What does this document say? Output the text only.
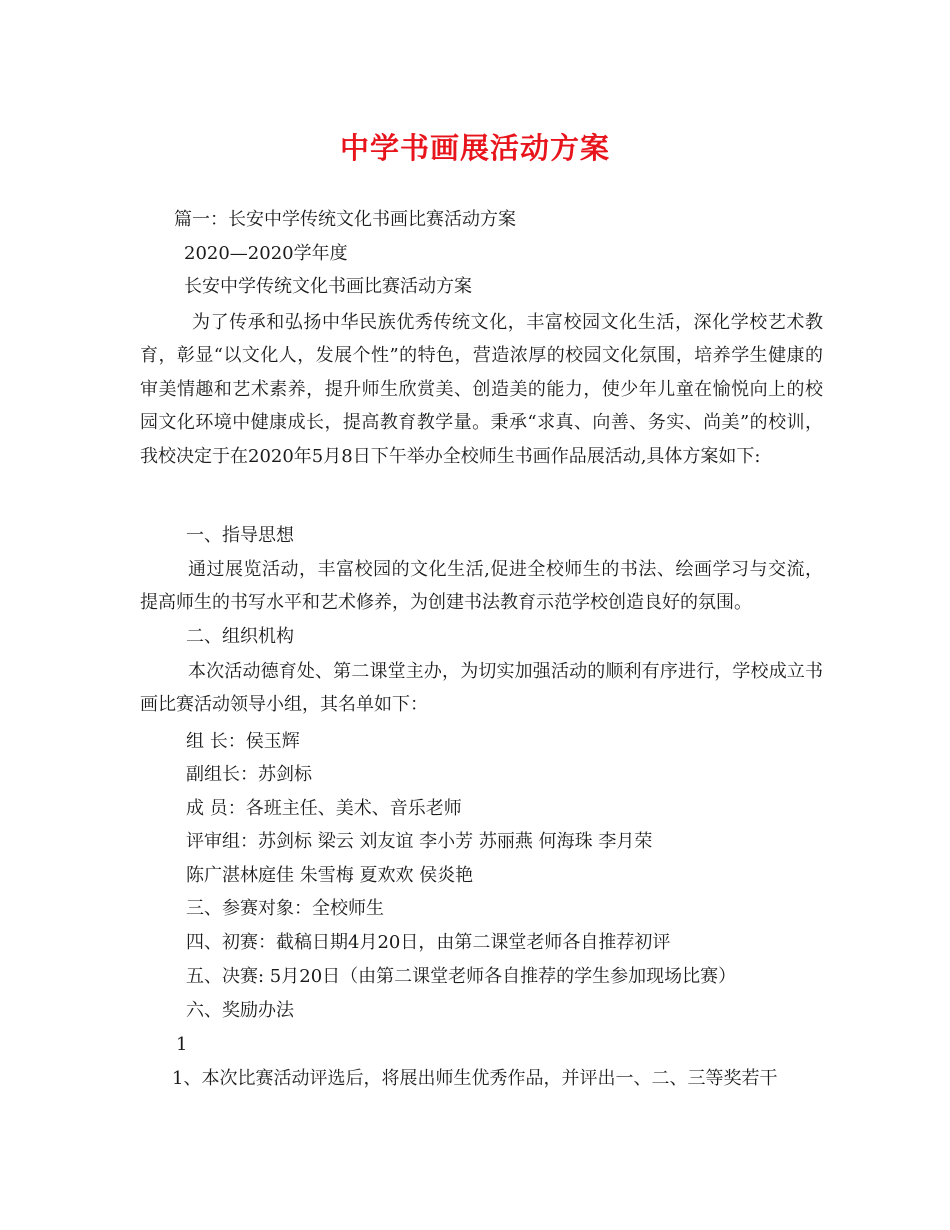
中学书画展活动方案
篇一：长安中学传统文化书画比赛活动方案
2020—2020学年度
长安中学传统文化书画比赛活动方案
为了传承和弘扬中华民族优秀传统文化，丰富校园文化生活，深化学校艺术教育，彰显“以文化人，发展个性”的特色，营造浓厚的校园文化氛围，培养学生健康的审美情趣和艺术素养，提升师生欣赏美、创造美的能力，使少年儿童在愉悦向上的校园文化环境中健康成长，提高教育教学量。秉承“求真、向善、务实、尚美”的校训，我校决定于在2020年5月8日下午举办全校师生书画作品展活动,具体方案如下:
一、指导思想
通过展览活动，丰富校园的文化生活,促进全校师生的书法、绘画学习与交流，提高师生的书写水平和艺术修养，为创建书法教育示范学校创造良好的氛围。
二、组织机构
本次活动德育处、第二课堂主办，为切实加强活动的顺利有序进行，学校成立书画比赛活动领导小组，其名单如下：
组 长：侯玉辉
副组长：苏剑标
成 员：各班主任、美术、音乐老师
评审组：苏剑标 梁云 刘友谊 李小芳 苏丽燕 何海珠 李月荣
陈广湛林庭佳 朱雪梅 夏欢欢 侯炎艳
三、参赛对象：全校师生
四、初赛：截稿日期4月20日，由第二课堂老师各自推荐初评
五、决赛: 5月20日（由第二课堂老师各自推荐的学生参加现场比赛）
六、奖励办法
1
1、本次比赛活动评选后，将展出师生优秀作品，并评出一、二、三等奖若干
